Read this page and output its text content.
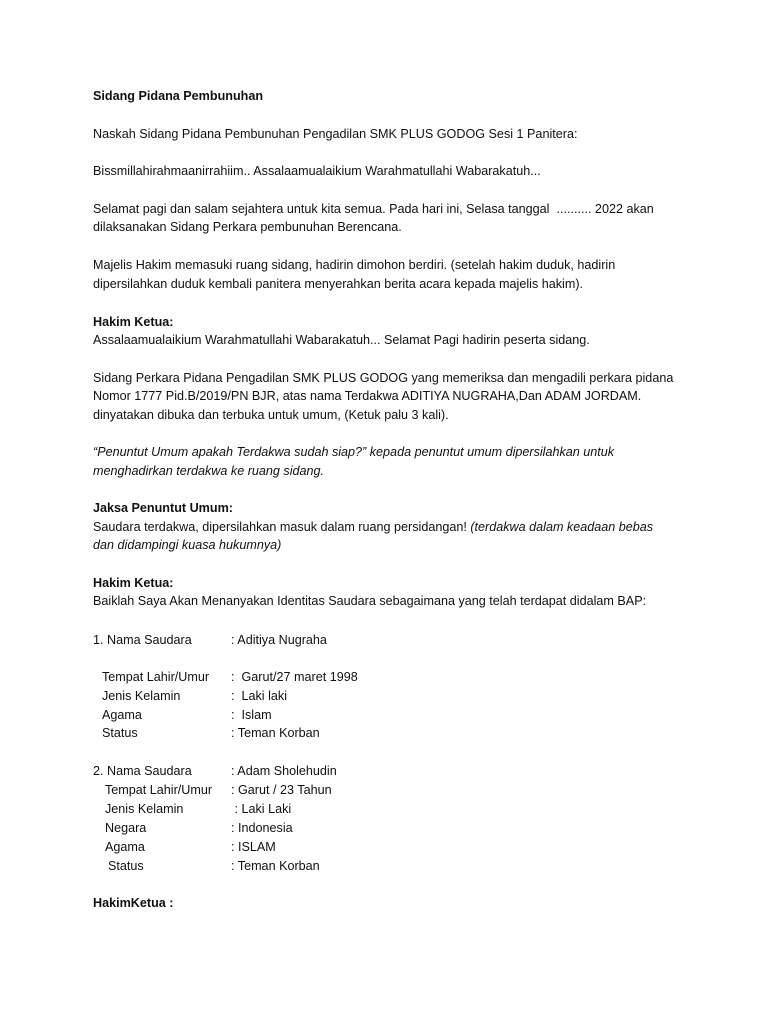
Sidang Pidana Pembunuhan
Naskah Sidang Pidana Pembunuhan Pengadilan SMK PLUS GODOG Sesi 1 Panitera:
Bissmillahirahmaanirrahiim.. Assalaamualaikium Warahmatullahi Wabarakatuh...
Selamat pagi dan salam sejahtera untuk kita semua. Pada hari ini, Selasa tanggal  .......... 2022 akan
dilaksanakan Sidang Perkara pembunuhan Berencana.
Majelis Hakim memasuki ruang sidang, hadirin dimohon berdiri. (setelah hakim duduk, hadirin
dipersilahkan duduk kembali panitera menyerahkan berita acara kepada majelis hakim).
Hakim Ketua:
Assalaamualaikium Warahmatullahi Wabarakatuh... Selamat Pagi hadirin peserta sidang.
Sidang Perkara Pidana Pengadilan SMK PLUS GODOG yang memeriksa dan mengadili perkara pidana
Nomor 1777 Pid.B/2019/PN BJR, atas nama Terdakwa ADITIYA NUGRAHA,Dan ADAM JORDAM.
dinyatakan dibuka dan terbuka untuk umum, (Ketuk palu 3 kali).
“Penuntut Umum apakah Terdakwa sudah siap?” kepada penuntut umum dipersilahkan untuk
menghadirkan terdakwa ke ruang sidang.
Jaksa Penuntut Umum:
Saudara terdakwa, dipersilahkan masuk dalam ruang persidangan! (terdakwa dalam keadaan bebas
dan didampingi kuasa hukumnya)
Hakim Ketua:
Baiklah Saya Akan Menanyakan Identitas Saudara sebagaimana yang telah terdapat didalam BAP:

1. Nama Saudara

	: Aditiya Nugraha

Tempat Lahir/Umur

:  Garut/27 maret 1998

Jenis Kelamin

	:  Laki laki

Agama

	:  Islam

Status

	: Teman Korban

2. Nama Saudara

	: Adam Sholehudin

Tempat Lahir/Umur

: Garut / 23 Tahun

Jenis Kelamin

	: Laki Laki

Negara

	: Indonesia

Agama

	: ISLAM

Status

	: Teman Korban

HakimKetua :
